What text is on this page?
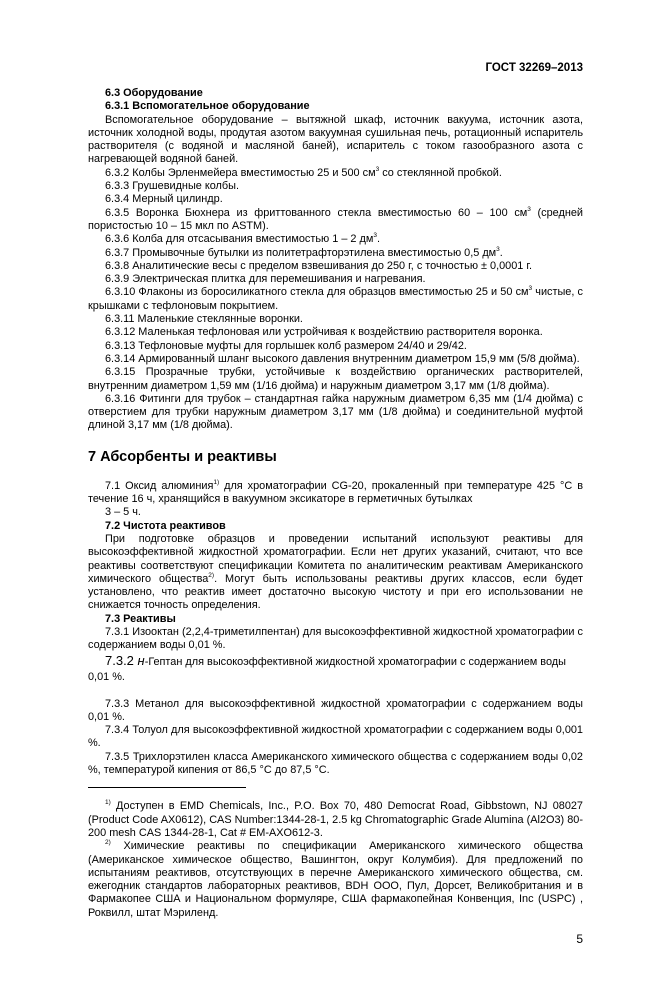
ГОСТ 32269–2013

6.3 Оборудование

6.3.1 Вспомогательное оборудование

Вспомогательное оборудование – вытяжной шкаф, источник вакуума, источник азота, источник холодной воды, продутая азотом вакуумная сушильная печь, ротационный испаритель растворителя (с водяной и масляной баней), испаритель с током газообразного азота с нагревающей водяной баней.

6.3.2 Колбы Эрленмейера вместимостью 25 и 500 $см^3$ со стеклянной пробкой.

6.3.3 Грушевидные колбы.

6.3.4 Мерный цилиндр.

6.3.5 Воронка Бюхнера из фриттованного стекла вместимостью 60 – 100 $см^3$ (средней пористостью 10 – 15 мкл по ASTM).

6.3.6 Колба для отсасывания вместимостью 1 – 2 $дм^3$.

6.3.7 Промывочные бутылки из политетрафторэтилена вместимостью 0,5 $дм^3$.

6.3.8 Аналитические весы с пределом взвешивания до 250 г, с точностью ± 0,0001 г.

6.3.9 Электрическая плитка для перемешивания и нагревания.

6.3.10 Флаконы из боросиликатного стекла для образцов вместимостью 25 и 50 $см^3$ чистые, с крышками с тефлоновым покрытием.

6.3.11 Маленькие стеклянные воронки.

6.3.12 Маленькая тефлоновая или устройчивая к воздействию растворителя воронка.

6.3.13 Тефлоновые муфты для горлышек колб размером 24/40 и 29/42.

6.3.14 Армированный шланг высокого давления внутренним диаметром 15,9 мм (5/8 дюйма).

6.3.15 Прозрачные трубки, устойчивые к воздействию органических растворителей, внутренним диаметром 1,59 мм (1/16 дюйма) и наружным диаметром 3,17 мм (1/8 дюйма).

6.3.16 Фитинги для трубок – стандартная гайка наружным диаметром 6,35 мм (1/4 дюйма) с отверстием для трубки наружным диаметром 3,17 мм (1/8 дюйма) и соединительной муфтой длиной 3,17 мм (1/8 дюйма).

7 Абсорбенты и реактивы

7.1 Оксид алюминия$^{1)}$ для хроматографии CG-20, прокаленный при температуре 425 °C в течение 16 ч, хранящийся в вакуумном эксикаторе в герметичных бутылках

3 – 5 ч.

7.2 Чистота реактивов

При подготовке образцов и проведении испытаний используют реактивы для высокоэффективной жидкостной хроматографии. Если нет других указаний, считают, что все реактивы соответствуют спецификации Комитета по аналитическим реактивам Американского химического общества$^{2)}$. Могут быть использованы реактивы других классов, если будет установлено, что реактив имеет достаточно высокую чистоту и при его использовании не снижается точность определения.

7.3 Реактивы

7.3.1 Изооктан (2,2,4-триметилпентан) для высокоэффективной жидкостной хроматографии с содержанием воды 0,01 %.

7.3.2 н-Гептан для высокоэффективной жидкостной хроматографии с содержанием воды 0,01 %.

7.3.3 Метанол для высокоэффективной жидкостной хроматографии с содержанием воды 0,01 %.

7.3.4 Толуол для высокоэффективной жидкостной хроматографии с содержанием воды 0,001 %.

7.3.5 Трихлорэтилен класса Американского химического общества с содержанием воды 0,02 %, температурой кипения от 86,5 °C до 87,5 °C.

$^{1)}$ Доступен в EMD Chemicals, Inc., P.O. Box 70, 480 Democrat Road, Gibbstown, NJ 08027 (Product Code AX0612), CAS Number:1344-28-1, 2.5 kg Chromatographic Grade Alumina (Al2O3) 80-200 mesh CAS 1344-28-1, Cat # EM-AXO612-3.

$^{2)}$ Химические реактивы по спецификации Американского химического общества (Американское химическое общество, Вашингтон, округ Колумбия). Для предложений по испытаниям реактивов, отсутствующих в перечне Американского химического общества, см. ежегодник стандартов лабораторных реактивов, BDH ООО, Пул, Дорсет, Великобритания и в Фармакопее США и Национальном формуляре, США фармакопейная Конвенция, Inc (USPC) , Роквилл, штат Мэриленд.

5
